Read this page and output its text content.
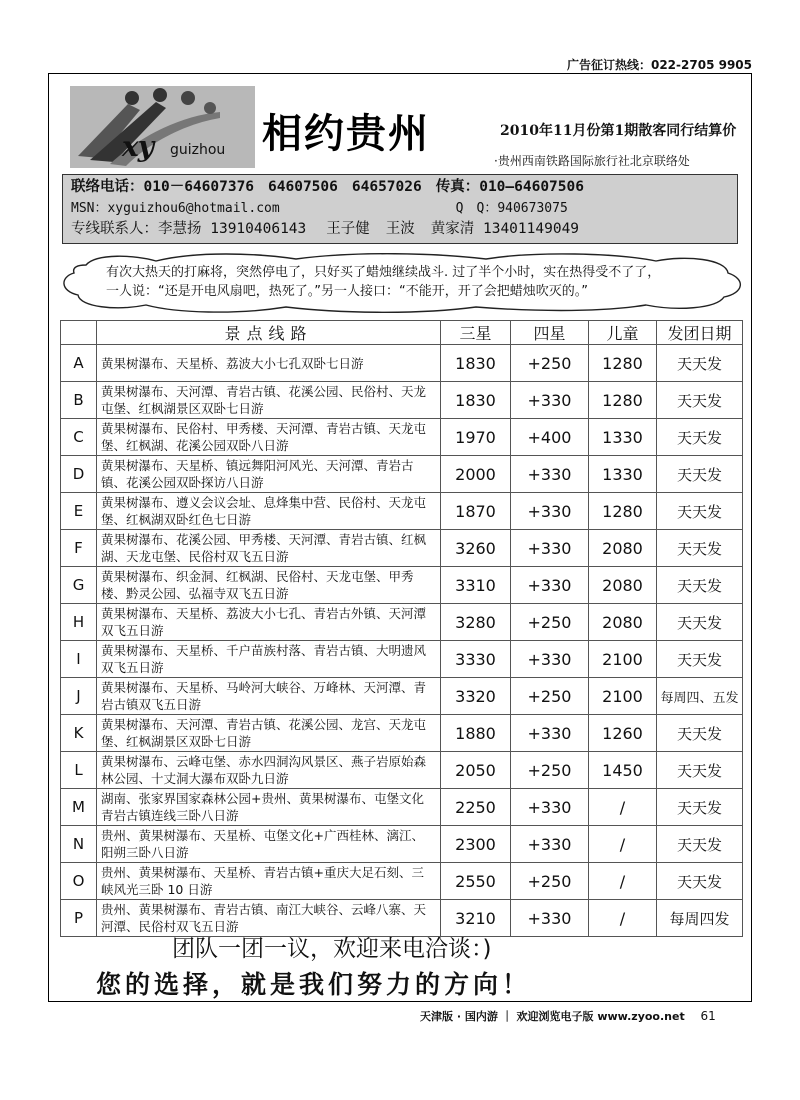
广告征订热线：022-2705 9905
xy guizhou 相约贵州	2010年11月份第1期散客同行结算价
·贵州西南铁路国际旅行社北京联络处
联络电话： 010－64607376 64607506 64657026 传真： 010—64607506
MSN： xyguizhou6@hotmail.com	Q　Q： 940673075
专线联系人： 李慧扬 13910406143 王子健 王波 黄家清 13401149049
有次大热天的打麻将，突然停电了，只好买了蜡烛继续战斗. 过了半个小时，实在热得受不了了，
一人说：“还是开电风扇吧，热死了。”另一人接口：“不能开，开了会把蜡烛吹灭的。”
	景点线路	三星	四星	儿童	发团日期
A	黄果树瀑布、天星桥、荔波大小七孔双卧七日游	1830	+250	1280	天天发
B	黄果树瀑布、天河潭、青岩古镇、花溪公园、民俗村、天龙屯堡、红枫湖景区双卧七日游	1830	+330	1280	天天发
C	黄果树瀑布、民俗村、甲秀楼、天河潭、青岩古镇、天龙屯堡、红枫湖、花溪公园双卧八日游	1970	+400	1330	天天发
D	黄果树瀑布、天星桥、镇远舞阳河风光、天河潭、青岩古镇、花溪公园双卧探访八日游	2000	+330	1330	天天发
E	黄果树瀑布、遵义会议会址、息烽集中营、民俗村、天龙屯堡、红枫湖双卧红色七日游	1870	+330	1280	天天发
F	黄果树瀑布、花溪公园、甲秀楼、天河潭、青岩古镇、红枫湖、天龙屯堡、民俗村双飞五日游	3260	+330	2080	天天发
G	黄果树瀑布、织金洞、红枫湖、民俗村、天龙屯堡、甲秀楼、黔灵公园、弘福寺双飞五日游	3310	+330	2080	天天发
H	黄果树瀑布、天星桥、荔波大小七孔、青岩古外镇、天河潭双飞五日游	3280	+250	2080	天天发
I	黄果树瀑布、天星桥、千户苗族村落、青岩古镇、大明遗风双飞五日游	3330	+330	2100	天天发
J	黄果树瀑布、天星桥、马岭河大峡谷、万峰林、天河潭、青岩古镇双飞五日游	3320	+250	2100	每周四、五发
K	黄果树瀑布、天河潭、青岩古镇、花溪公园、龙宫、天龙屯堡、红枫湖景区双卧七日游	1880	+330	1260	天天发
L	黄果树瀑布、云峰屯堡、赤水四洞沟风景区、燕子岩原始森林公园、十丈洞大瀑布双卧九日游	2050	+250	1450	天天发
M	湖南、张家界国家森林公园+贵州、黄果树瀑布、屯堡文化青岩古镇连线三卧八日游	2250	+330	/	天天发
N	贵州、黄果树瀑布、天星桥、屯堡文化+广西桂林、漓江、阳朔三卧八日游	2300	+330	/	天天发
O	贵州、黄果树瀑布、天星桥、青岩古镇+重庆大足石刻、三峡风光三卧 10 日游	2550	+250	/	天天发
P	贵州、黄果树瀑布、青岩古镇、南江大峡谷、云峰八寨、天河潭、民俗村双飞五日游	3210	+330	/	每周四发
团队一团一议，欢迎来电洽谈：)
您的选择，就是我们努力的方向！
天津版 · 国内游 ｜ 欢迎浏览电子版 www.zyoo.net 61
